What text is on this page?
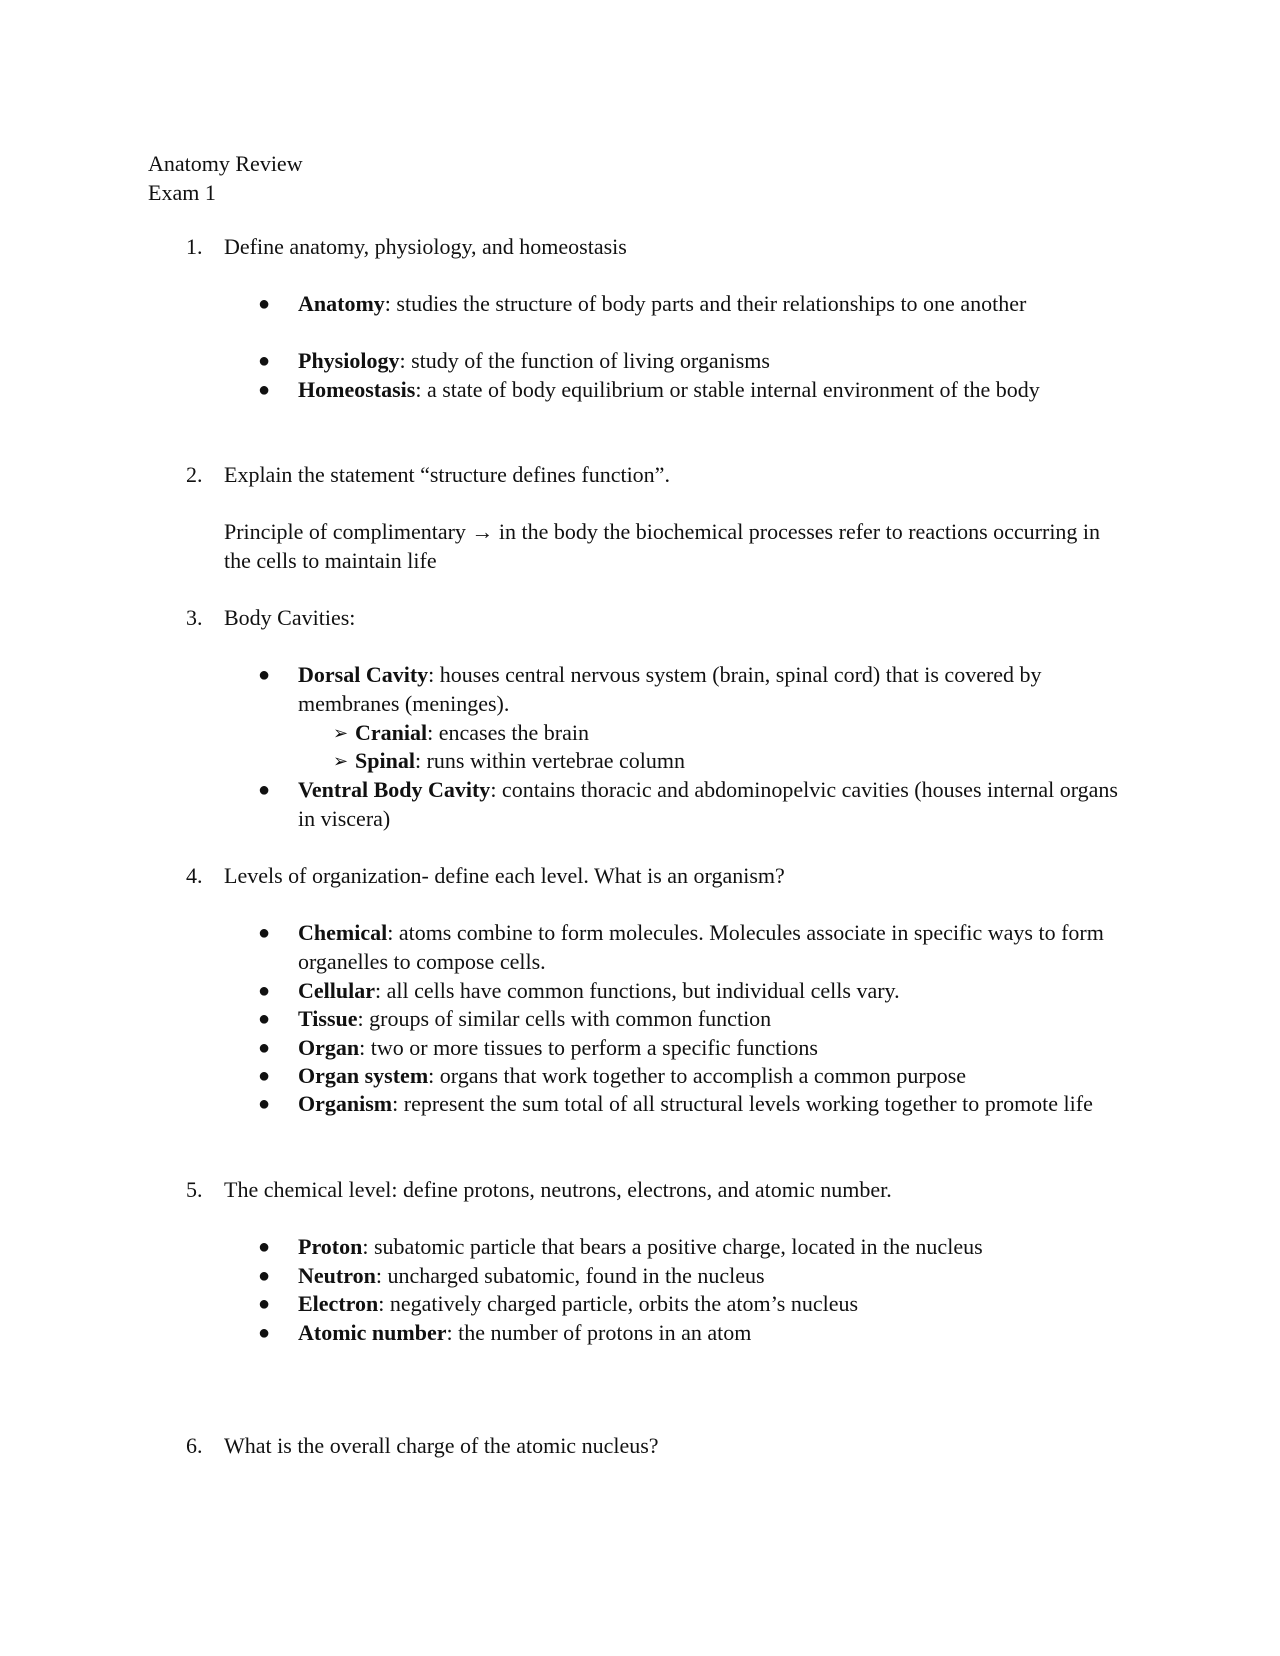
Anatomy Review
Exam 1
1. Define anatomy, physiology, and homeostasis
● Anatomy: studies the structure of body parts and their relationships to one another
● Physiology: study of the function of living organisms
● Homeostasis: a state of body equilibrium or stable internal environment of the body
2. Explain the statement “structure defines function”.
Principle of complimentary → in the body the biochemical processes refer to reactions occurring in the cells to maintain life
3. Body Cavities:
● Dorsal Cavity: houses central nervous system (brain, spinal cord) that is covered by membranes (meninges).
➢ Cranial: encases the brain
➢ Spinal: runs within vertebrae column
● Ventral Body Cavity: contains thoracic and abdominopelvic cavities (houses internal organs in viscera)
4. Levels of organization- define each level. What is an organism?
● Chemical: atoms combine to form molecules. Molecules associate in specific ways to form organelles to compose cells.
● Cellular: all cells have common functions, but individual cells vary.
● Tissue: groups of similar cells with common function
● Organ: two or more tissues to perform a specific functions
● Organ system: organs that work together to accomplish a common purpose
● Organism: represent the sum total of all structural levels working together to promote life
5. The chemical level: define protons, neutrons, electrons, and atomic number.
● Proton: subatomic particle that bears a positive charge, located in the nucleus
● Neutron: uncharged subatomic, found in the nucleus
● Electron: negatively charged particle, orbits the atom’s nucleus
● Atomic number: the number of protons in an atom
6. What is the overall charge of the atomic nucleus?
